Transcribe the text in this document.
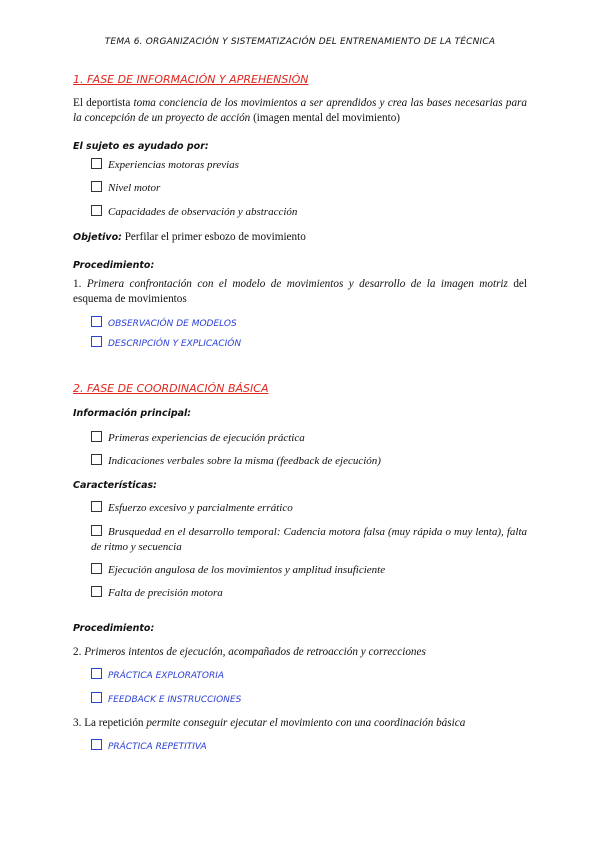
TEMA 6. ORGANIZACIÓN Y SISTEMATIZACIÓN DEL ENTRENAMIENTO DE LA TÉCNICA
1. FASE DE INFORMACIÓN Y APREHENSIÓN
El deportista toma conciencia de los movimientos a ser aprendidos y crea las bases necesarias para la concepción de un proyecto de acción (imagen mental del movimiento)
El sujeto es ayudado por:
Experiencias motoras previas
Nivel motor
Capacidades de observación y abstracción
Objetivo: Perfilar el primer esbozo de movimiento
Procedimiento:
1. Primera confrontación con el modelo de movimientos y desarrollo de la imagen motriz del esquema de movimientos
OBSERVACIÓN DE MODELOS
DESCRIPCIÓN Y EXPLICACIÓN
2. FASE DE COORDINACIÓN BÁSICA
Información principal:
Primeras experiencias de ejecución práctica
Indicaciones verbales sobre la misma (feedback de ejecución)
Características:
Esfuerzo excesivo y parcialmente errático
Brusquedad en el desarrollo temporal: Cadencia motora falsa (muy rápida o muy lenta), falta de ritmo y secuencia
Ejecución angulosa de los movimientos y amplitud insuficiente
Falta de precisión motora
Procedimiento:
2. Primeros intentos de ejecución, acompañados de retroacción y correcciones
PRÁCTICA EXPLORATORIA
FEEDBACK E INSTRUCCIONES
3. La repetición permite conseguir ejecutar el movimiento con una coordinación básica
PRÁCTICA REPETITIVA
